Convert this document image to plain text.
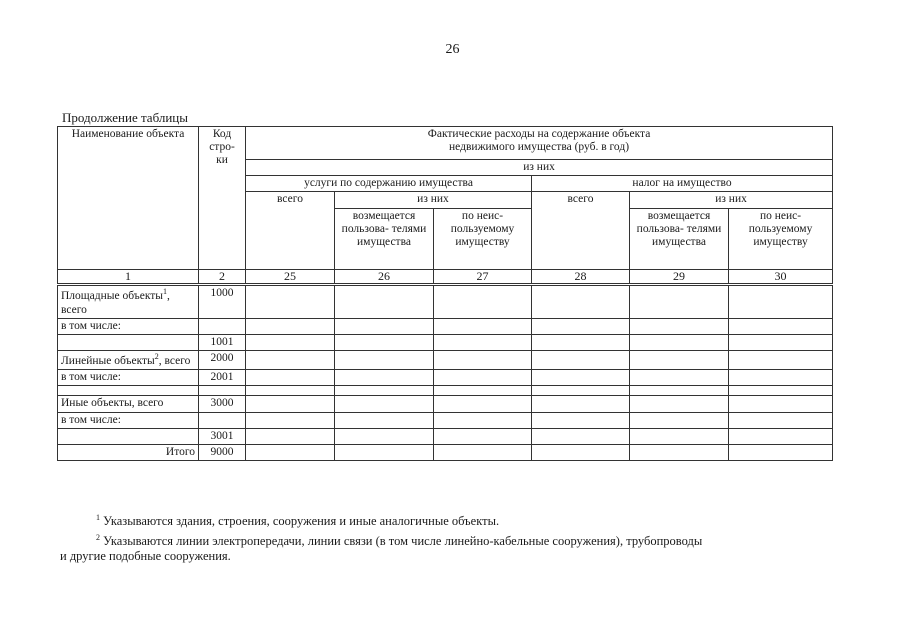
26
Продолжение таблицы
Наименование объекта	Код стро- ки	Фактические расходы на содержание объекта
недвижимого имущества (руб. в год)					
		из них					
		услуги по содержанию имущества			налог на имущество		
		всего	из них		всего	из них	
			возмещается пользова- телями имущества	по неис- пользуемому имуществу		возмещается пользова- телями имущества	по неис- пользуемому имуществу
1	2	25	26	27	28	29	30
Площадные объекты$^1$, всего	1000						
в том числе:							
	1001						
Линейные объекты$^2$, всего	2000						
в том числе:	2001						

Иные объекты, всего	3000						
в том числе:							
	3001						
Итого	9000						
$^1$ Указываются здания, строения, сооружения и иные аналогичные объекты.
$^2$ Указываются линии электропередачи, линии связи (в том числе линейно-кабельные сооружения), трубопроводы
и другие подобные сооружения.
